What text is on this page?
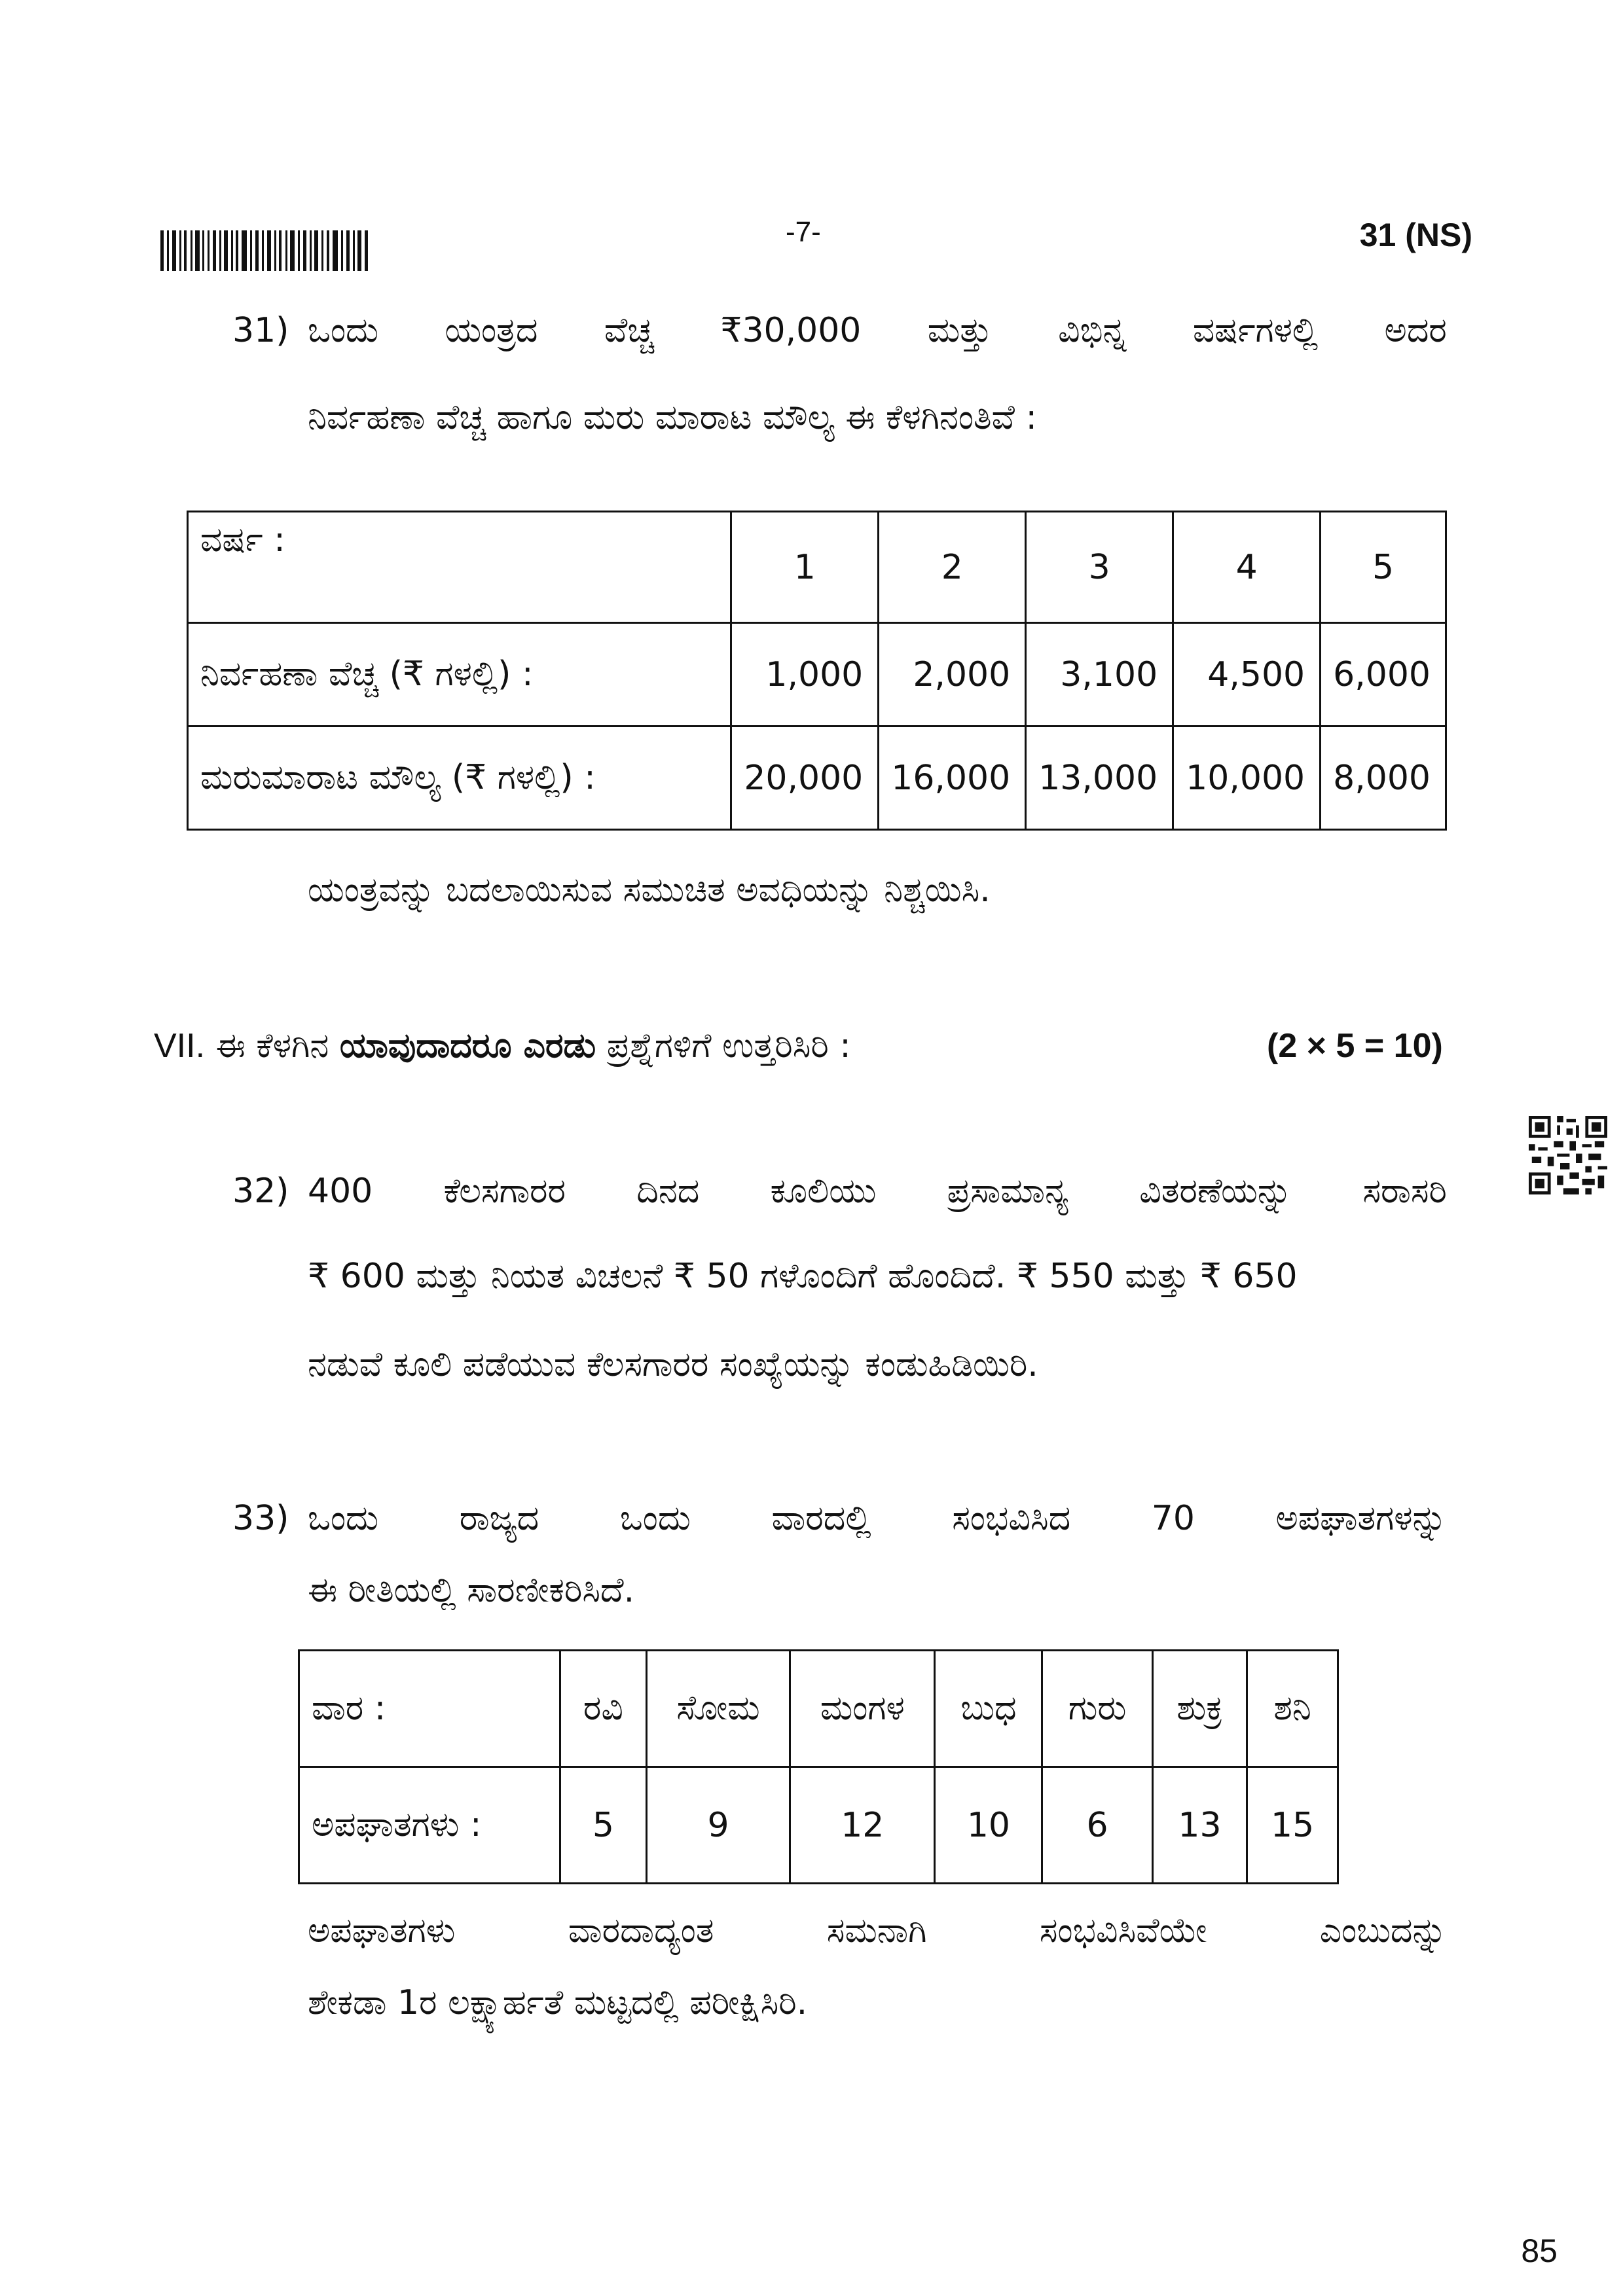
-7-	31 (NS)
31) ಒಂದು ಯಂತ್ರದ ವೆಚ್ಚ ₹30,000 ಮತ್ತು ವಿಭಿನ್ನ ವರ್ಷಗಳಲ್ಲಿ ಅದರ
ನಿರ್ವಹಣಾ ವೆಚ್ಚ ಹಾಗೂ ಮರು ಮಾರಾಟ ಮೌಲ್ಯ ಈ ಕೆಳಗಿನಂತಿವೆ :
ವರ್ಷ :	1	2	3	4	5
ನಿರ್ವಹಣಾ ವೆಚ್ಚ (₹ ಗಳಲ್ಲಿ) :	1,000	2,000	3,100	4,500	6,000
ಮರುಮಾರಾಟ ಮೌಲ್ಯ (₹ ಗಳಲ್ಲಿ) :	20,000	16,000	13,000	10,000	8,000
ಯಂತ್ರವನ್ನು ಬದಲಾಯಿಸುವ ಸಮುಚಿತ ಅವಧಿಯನ್ನು ನಿಶ್ಚಯಿಸಿ.
VII. ಈ ಕೆಳಗಿನ ಯಾವುದಾದರೂ ಎರಡು ಪ್ರಶ್ನೆಗಳಿಗೆ ಉತ್ತರಿಸಿರಿ :	(2 × 5 = 10)
32) 400 ಕೆಲಸಗಾರರ ದಿನದ ಕೂಲಿಯು ಪ್ರಸಾಮಾನ್ಯ ವಿತರಣೆಯನ್ನು ಸರಾಸರಿ
₹ 600 ಮತ್ತು ನಿಯತ ವಿಚಲನೆ ₹ 50 ಗಳೊಂದಿಗೆ ಹೊಂದಿದೆ. ₹ 550 ಮತ್ತು ₹ 650
ನಡುವೆ ಕೂಲಿ ಪಡೆಯುವ ಕೆಲಸಗಾರರ ಸಂಖ್ಯೆಯನ್ನು ಕಂಡುಹಿಡಿಯಿರಿ.
33) ಒಂದು ರಾಜ್ಯದ ಒಂದು ವಾರದಲ್ಲಿ ಸಂಭವಿಸಿದ 70 ಅಪಘಾತಗಳನ್ನು
ಈ ರೀತಿಯಲ್ಲಿ ಸಾರಣೀಕರಿಸಿದೆ.
ವಾರ :	ರವಿ	ಸೋಮ	ಮಂಗಳ	ಬುಧ	ಗುರು	ಶುಕ್ರ	ಶನಿ
ಅಪಘಾತಗಳು :	5	9	12	10	6	13	15
ಅಪಘಾತಗಳು	ವಾರದಾದ್ಯಂತ	ಸಮನಾಗಿ	ಸಂಭವಿಸಿವೆಯೇ	ಎಂಬುದನ್ನು
ಶೇಕಡಾ 1ರ ಲಕ್ಷ್ಯಾರ್ಹತೆ ಮಟ್ಟದಲ್ಲಿ ಪರೀಕ್ಷಿಸಿರಿ.
85
